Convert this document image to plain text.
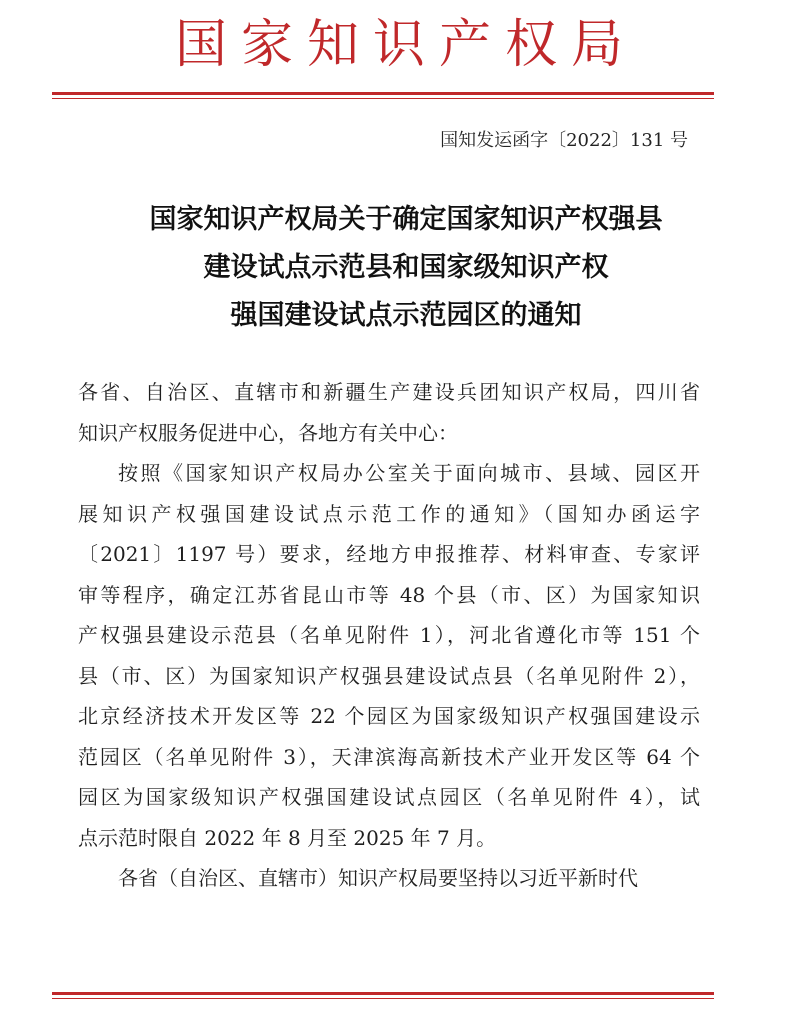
国家知识产权局
国知发运函字〔2022〕131 号
国家知识产权局关于确定国家知识产权强县
建设试点示范县和国家级知识产权
强国建设试点示范园区的通知
各省、自治区、直辖市和新疆生产建设兵团知识产权局，四川省
知识产权服务促进中心，各地方有关中心：
按照《国家知识产权局办公室关于面向城市、县域、园区开
展知识产权强国建设试点示范工作的通知》（国知办函运字
〔2021〕1197 号）要求，经地方申报推荐、材料审查、专家评
审等程序，确定江苏省昆山市等 48 个县（市、区）为国家知识
产权强县建设示范县（名单见附件 1），河北省遵化市等 151 个
县（市、区）为国家知识产权强县建设试点县（名单见附件 2），
北京经济技术开发区等 22 个园区为国家级知识产权强国建设示
范园区（名单见附件 3），天津滨海高新技术产业开发区等 64 个
园区为国家级知识产权强国建设试点园区（名单见附件 4），试
点示范时限自 2022 年 8 月至 2025 年 7 月。
各省（自治区、直辖市）知识产权局要坚持以习近平新时代
